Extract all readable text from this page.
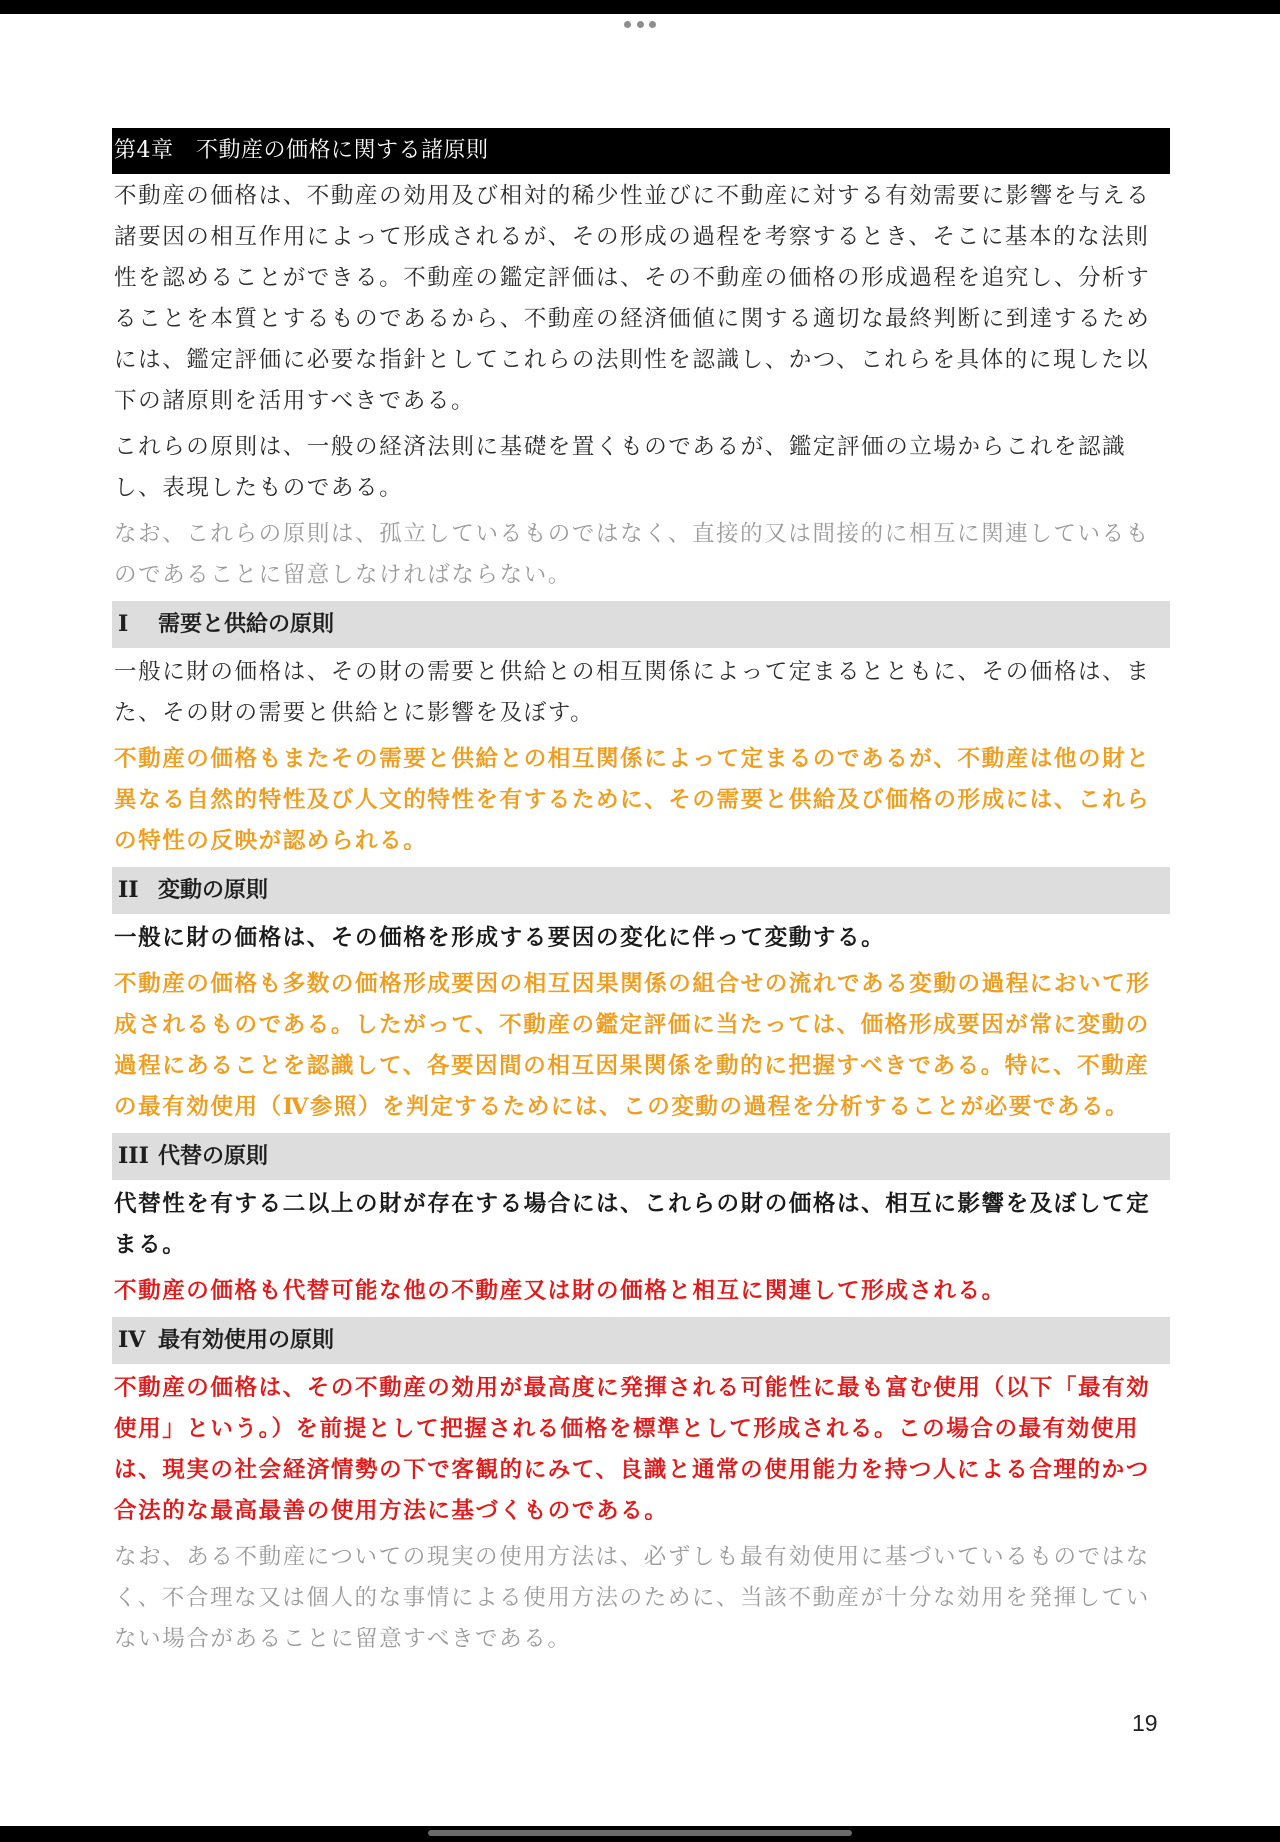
第4章　不動産の価格に関する諸原則
不動産の価格は、不動産の効用及び相対的稀少性並びに不動産に対する有効需要に影響を与える諸要因の相互作用によって形成されるが、その形成の過程を考察するとき、そこに基本的な法則性を認めることができる。不動産の鑑定評価は、その不動産の価格の形成過程を追究し、分析することを本質とするものであるから、不動産の経済価値に関する適切な最終判断に到達するためには、鑑定評価に必要な指針としてこれらの法則性を認識し、かつ、これらを具体的に現した以下の諸原則を活用すべきである。
これらの原則は、一般の経済法則に基礎を置くものであるが、鑑定評価の立場からこれを認識し、表現したものである。
なお、これらの原則は、孤立しているものではなく、直接的又は間接的に相互に関連しているものであることに留意しなければならない。
I	需要と供給の原則
一般に財の価格は、その財の需要と供給との相互関係によって定まるとともに、その価格は、また、その財の需要と供給とに影響を及ぼす。
不動産の価格もまたその需要と供給との相互関係によって定まるのであるが、不動産は他の財と異なる自然的特性及び人文的特性を有するために、その需要と供給及び価格の形成には、これらの特性の反映が認められる。
II 変動の原則
一般に財の価格は、その価格を形成する要因の変化に伴って変動する。
不動産の価格も多数の価格形成要因の相互因果関係の組合せの流れである変動の過程において形成されるものである。したがって、不動産の鑑定評価に当たっては、価格形成要因が常に変動の過程にあることを認識して、各要因間の相互因果関係を動的に把握すべきである。特に、不動産の最有効使用（Ⅳ参照）を判定するためには、この変動の過程を分析することが必要である。
III 代替の原則
代替性を有する二以上の財が存在する場合には、これらの財の価格は、相互に影響を及ぼして定まる。
不動産の価格も代替可能な他の不動産又は財の価格と相互に関連して形成される。
IV 最有効使用の原則
不動産の価格は、その不動産の効用が最高度に発揮される可能性に最も富む使用（以下「最有効使用」という。）を前提として把握される価格を標準として形成される。この場合の最有効使用は、現実の社会経済情勢の下で客観的にみて、良識と通常の使用能力を持つ人による合理的かつ合法的な最高最善の使用方法に基づくものである。
なお、ある不動産についての現実の使用方法は、必ずしも最有効使用に基づいているものではなく、不合理な又は個人的な事情による使用方法のために、当該不動産が十分な効用を発揮していない場合があることに留意すべきである。
19
